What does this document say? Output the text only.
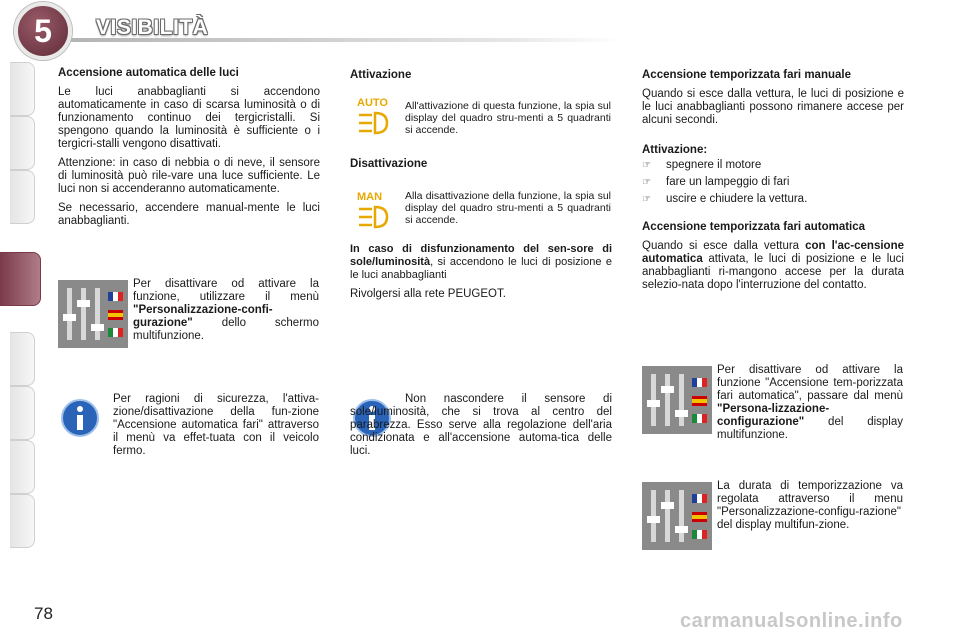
5	VISIBILITÀ
Accensione automatica delle luci
Le luci anabbaglianti si accendono automaticamente in caso di scarsa luminosità o di funzionamento continuo dei tergicristalli. Si spengono quando la luminosità è sufficiente o i tergicri-stalli vengono disattivati.
Attenzione: in caso di nebbia o di neve, il sensore di luminosità può rile-vare una luce sufficiente. Le luci non si accenderanno automaticamente.
Se necessario, accendere manual-mente le luci anabbaglianti.
Per disattivare od attivare la funzione, utilizzare il menù "Personalizzazione-confi-gurazione"	dello schermo multifunzione.
Per ragioni di sicurezza, l'attiva-zione/disattivazione della fun-zione "Accensione automatica fari" attraverso il menù va effet-tuata con il veicolo fermo.
Attivazione
AUTO All'attivazione di questa funzione, la spia sul display del quadro stru-menti a 5 quadranti si accende.
Disattivazione
MAN Alla disattivazione della funzione, la spia sul display del quadro stru-menti a 5 quadranti si accende.
In caso di disfunzionamento del sen-sore di sole/luminosità, si accendono le luci di posizione e le luci anabbaglianti
Rivolgersi alla rete PEUGEOT.
Non nascondere il sensore di sole/luminosità, che si trova al centro del parabrezza. Esso serve alla regolazione dell'aria condizionata e all'accensione automa-tica delle luci.
Accensione temporizzata fari manuale
Quando si esce dalla vettura, le luci di posizione e le luci anabbaglianti possono rimanere accese per alcuni secondi.
Attivazione:
☞ spegnere il motore
☞ fare un lampeggio di fari
☞ uscire e chiudere la vettura.
Accensione temporizzata fari automatica
Quando si esce dalla vettura con l'ac-censione automatica attivata, le luci di posizione e le luci anabbaglianti ri-mangono accese per la durata selezio-nata dopo l'interruzione del contatto.
Per disattivare od attivare la funzione "Accensione tem-porizzata fari automatica", passare dal menù "Persona-lizzazione-configurazione" del display multifunzione.
La durata di temporizzazione va regolata attraverso il menu "Personalizzazione-configu-razione" del display multifun-zione.
78	carmanualsonline.info
